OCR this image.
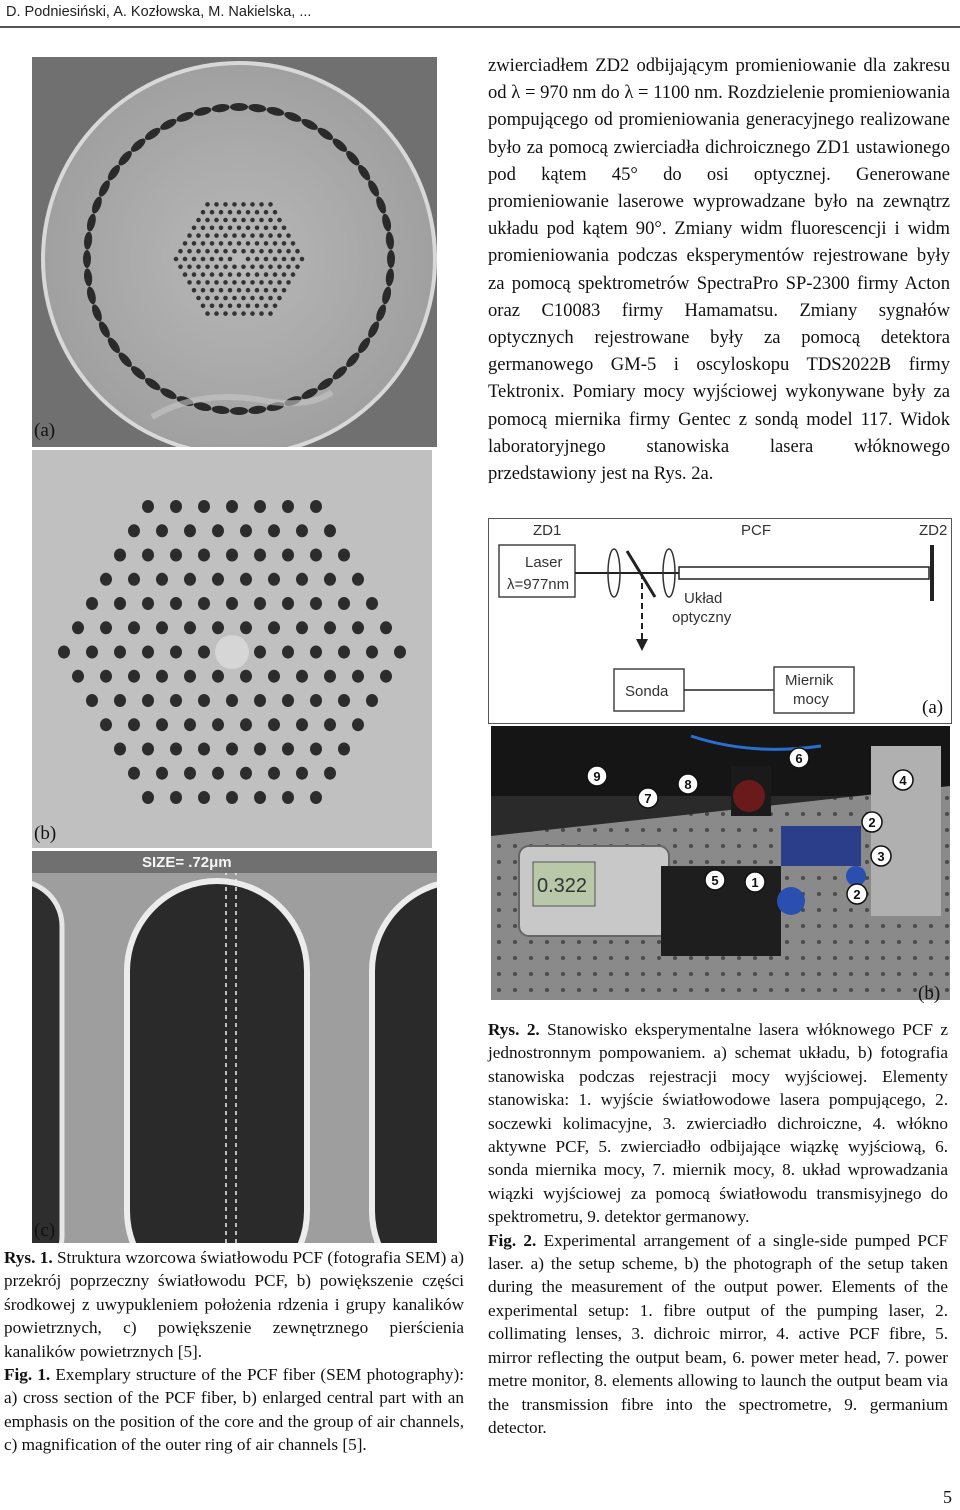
D. Podniesiński, A. Kozłowska, M. Nakielska, ...
(a)
(b)
SIZE= .72μm
(c)

Rys. 1. Struktura wzorcowa światłowodu PCF (fotografia SEM) a) przekrój poprzeczny światłowodu PCF, b) powiększenie części środkowej z uwypukleniem położenia rdzenia i grupy kanalików powietrznych, c) powiększenie zewnętrznego pierścienia kanalików powietrznych [5].

Fig. 1. Exemplary structure of the PCF fiber (SEM photography): a) cross section of the PCF fiber, b) enlarged central part with an emphasis on the position of the core and the group of air channels, c) magnification of the outer ring of air channels [5].

zwierciadłem ZD2 odbijającym promieniowanie dla zakresu od λ = 970 nm do λ = 1100 nm. Rozdzielenie promieniowania pompującego od promieniowania generacyjnego realizowane było za pomocą zwierciadła dichroicznego ZD1 ustawionego pod kątem 45° do osi optycznej. Generowane promieniowanie laserowe wyprowadzane było na zewnątrz układu pod kątem 90°. Zmiany widm fluorescencji i widm promieniowania podczas eksperymentów rejestrowane były za pomocą spektrometrów SpectraPro SP-2300 firmy Acton oraz C10083 firmy Hamamatsu. Zmiany sygnałów optycznych rejestrowane były za pomocą detektora germanowego GM-5 i oscyloskopu TDS2022B firmy Tektronix. Pomiary mocy wyjściowej wykonywane były za pomocą miernika firmy Gentec z sondą model 117. Widok laboratoryjnego stanowiska lasera włóknowego przedstawiony jest na Rys. 2a.
ZD1	PCF	ZD2
Laser
λ=977nm
Układ
optyczny
Sonda
Miernik
mocy	(a)
0.322
9
7
8
6
4
2
3
5	1
2
(b)

Rys. 2. Stanowisko eksperymentalne lasera włóknowego PCF z jednostronnym pompowaniem. a) schemat układu, b) fotografia stanowiska podczas rejestracji mocy wyjściowej. Elementy stanowiska: 1. wyjście światłowodowe lasera pompującego, 2. soczewki kolimacyjne, 3. zwierciadło dichroiczne, 4. włókno aktywne PCF, 5. zwierciadło odbijające wiązkę wyjściową, 6. sonda miernika mocy, 7. miernik mocy, 8. układ wprowadzania wiązki wyjściowej za pomocą światłowodu transmisyjnego do spektrometru, 9. detektor germanowy.

Fig. 2. Experimental arrangement of a single-side pumped PCF laser. a) the setup scheme, b) the photograph of the setup taken during the measurement of the output power. Elements of the experimental setup: 1. fibre output of the pumping laser, 2. collimating lenses, 3. dichroic mirror, 4. active PCF fibre, 5. mirror reflecting the output beam, 6. power meter head, 7. power metre monitor, 8. elements allowing to launch the output beam via the transmission fibre into the spectrometre, 9. germanium detector.

5
